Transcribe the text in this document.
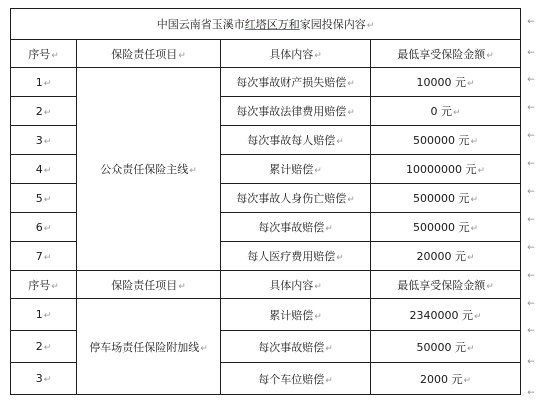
中国云南省玉溪市红塔区万和家园投保内容↵			
序号↵	保险责任项目↵	具体内容↵	最低享受保险金额↵
1↵	公众责任保险主线↵	每次事故财产损失赔偿↵	10000 元↵
2↵		每次事故法律费用赔偿↵	0 元↵
3↵		每次事故每人赔偿↵	500000 元↵
4↵		累计赔偿↵	10000000 元↵
5↵		每次事故人身伤亡赔偿↵	500000 元↵
6↵		每次事故赔偿↵	500000 元↵
7↵		每人医疗费用赔偿↵	20000 元↵
序号↵	保险责任项目↵	具体内容↵	最低享受保险金额↵
1↵	停车场责任保险附加线↵	累计赔偿↵	2340000 元↵
2↵		每次事故赔偿↵	50000 元↵
3↵		每个车位赔偿↵	2000 元↵
←
←
←
←
←
←
←
←
←
←
←
←
←
←
